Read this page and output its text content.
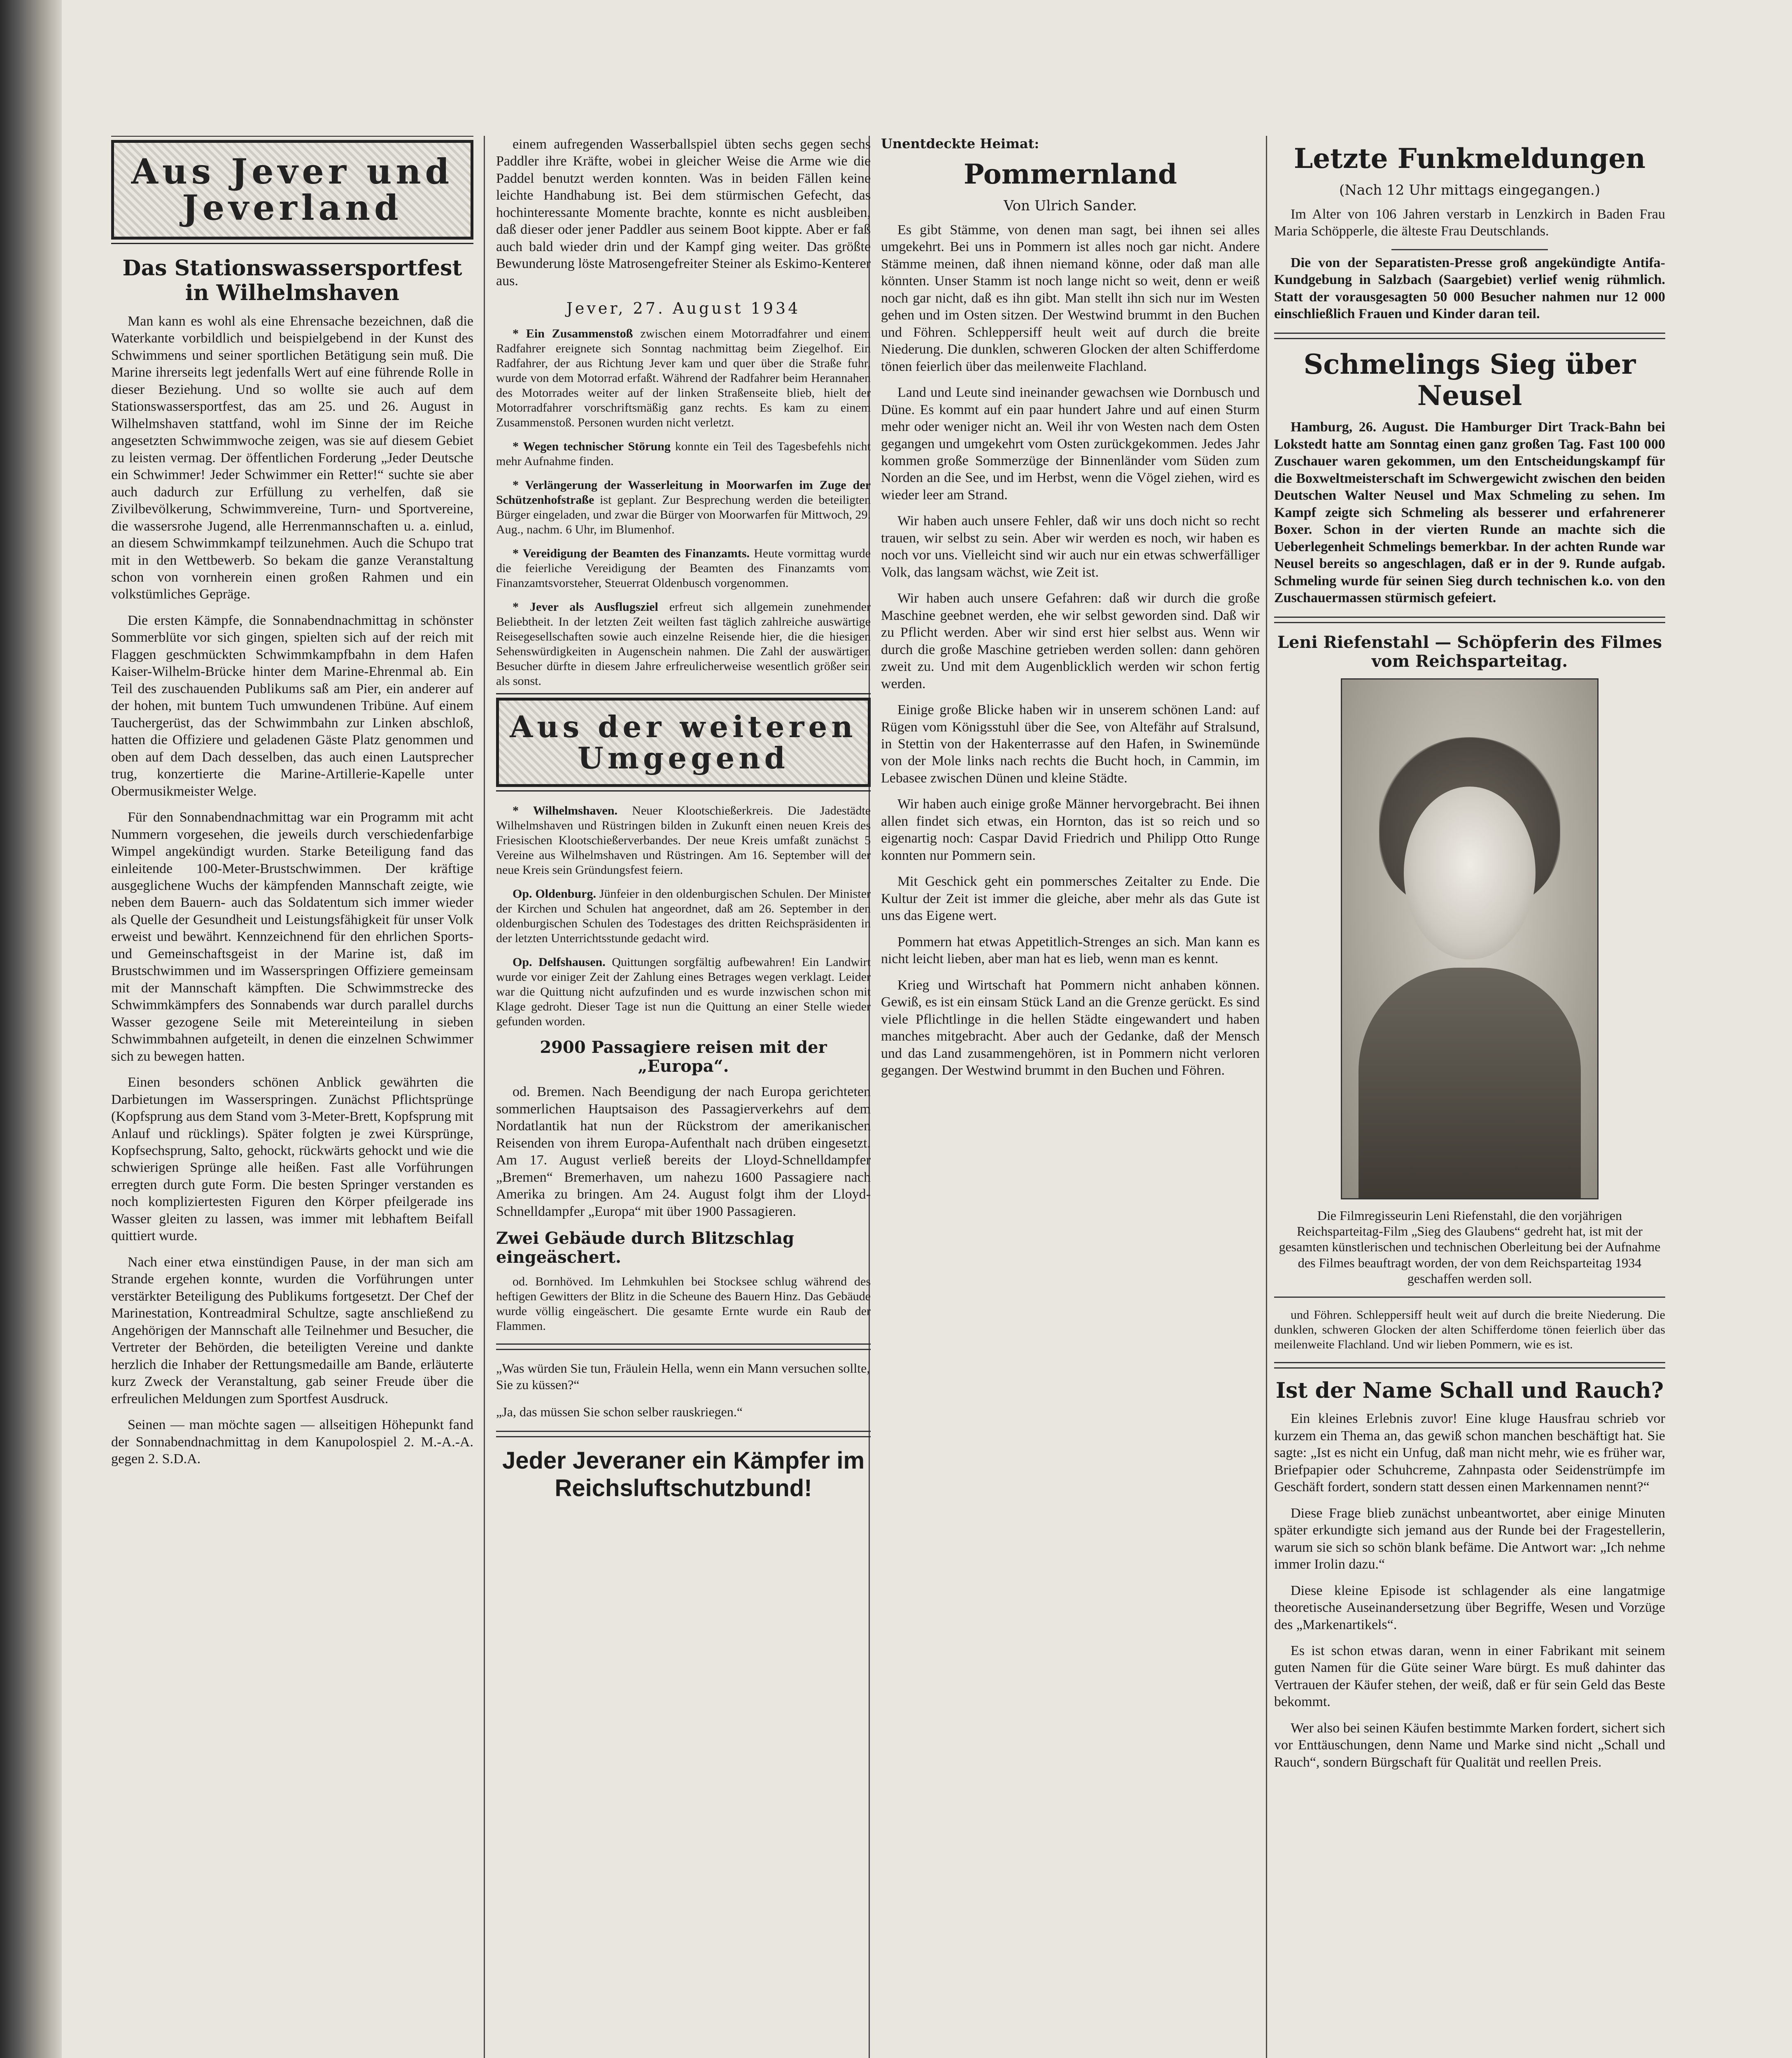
Aus Jever und Jeverland
Das Stationswassersportfest in Wilhelmshaven

Man kann es wohl als eine Ehrensache bezeichnen, daß die Waterkante vorbildlich und beispielgebend in der Kunst des Schwimmens und seiner sportlichen Betätigung sein muß. Die Marine ihrerseits legt jedenfalls Wert auf eine führende Rolle in dieser Beziehung. Und so wollte sie auch auf dem Stationswassersportfest, das am 25. und 26. August in Wilhelmshaven stattfand, wohl im Sinne der im Reiche angesetzten Schwimmwoche zeigen, was sie auf diesem Gebiet zu leisten vermag. Der öffentlichen Forderung „Jeder Deutsche ein Schwimmer! Jeder Schwimmer ein Retter!“ suchte sie aber auch dadurch zur Erfüllung zu verhelfen, daß sie Zivilbevölkerung, Schwimmvereine, Turn- und Sportvereine, die wassersrohe Jugend, alle Herrenmannschaften u. a. einlud, an diesem Schwimmkampf teilzunehmen. Auch die Schupo trat mit in den Wettbewerb. So bekam die ganze Veranstaltung schon von vornherein einen großen Rahmen und ein volkstümliches Gepräge.

Die ersten Kämpfe, die Sonnabendnachmittag in schönster Sommerblüte vor sich gingen, spielten sich auf der reich mit Flaggen geschmückten Schwimmkampfbahn in dem Hafen Kaiser-Wilhelm-Brücke hinter dem Marine-Ehrenmal ab. Ein Teil des zuschauenden Publikums saß am Pier, ein anderer auf der hohen, mit buntem Tuch umwundenen Tribüne. Auf einem Tauchergerüst, das der Schwimmbahn zur Linken abschloß, hatten die Offiziere und geladenen Gäste Platz genommen und oben auf dem Dach desselben, das auch einen Lautsprecher trug, konzertierte die Marine-Artillerie-Kapelle unter Obermusikmeister Welge.

Für den Sonnabendnachmittag war ein Programm mit acht Nummern vorgesehen, die jeweils durch verschiedenfarbige Wimpel angekündigt wurden. Starke Beteiligung fand das einleitende 100-Meter-Brustschwimmen. Der kräftige ausgeglichene Wuchs der kämpfenden Mannschaft zeigte, wie neben dem Bauern- auch das Soldatentum sich immer wieder als Quelle der Gesundheit und Leistungsfähigkeit für unser Volk erweist und bewährt. Kennzeichnend für den ehrlichen Sports- und Gemeinschaftsgeist in der Marine ist, daß im Brustschwimmen und im Wasserspringen Offiziere gemeinsam mit der Mannschaft kämpften. Die Schwimmstrecke des Schwimmkämpfers des Sonnabends war durch parallel durchs Wasser gezogene Seile mit Metereinteilung in sieben Schwimmbahnen aufgeteilt, in denen die einzelnen Schwimmer sich zu bewegen hatten.

Einen besonders schönen Anblick gewährten die Darbietungen im Wasserspringen. Zunächst Pflichtsprünge (Kopfsprung aus dem Stand vom 3-Meter-Brett, Kopfsprung mit Anlauf und rücklings). Später folgten je zwei Kürsprünge, Kopfsechsprung, Salto, gehockt, rückwärts gehockt und wie die schwierigen Sprünge alle heißen. Fast alle Vorführungen erregten durch gute Form. Die besten Springer verstanden es noch kompliziertesten Figuren den Körper pfeilgerade ins Wasser gleiten zu lassen, was immer mit lebhaftem Beifall quittiert wurde.

Nach einer etwa einstündigen Pause, in der man sich am Strande ergehen konnte, wurden die Vorführungen unter verstärkter Beteiligung des Publikums fortgesetzt. Der Chef der Marinestation, Kontreadmiral Schultze, sagte anschließend zu Angehörigen der Mannschaft alle Teilnehmer und Besucher, die Vertreter der Behörden, die beteiligten Vereine und dankte herzlich die Inhaber der Rettungsmedaille am Bande, erläuterte kurz Zweck der Veranstaltung, gab seiner Freude über die erfreulichen Meldungen zum Sportfest Ausdruck.

Seinen — man möchte sagen — allseitigen Höhepunkt fand der Sonnabendnachmittag in dem Kanupolospiel 2. M.-A.-A. gegen 2. S.D.A.

einem aufregenden Wasserballspiel übten sechs gegen sechs Paddler ihre Kräfte, wobei in gleicher Weise die Arme wie die Paddel benutzt werden konnten. Was in beiden Fällen keine leichte Handhabung ist. Bei dem stürmischen Gefecht, das hochinteressante Momente brachte, konnte es nicht ausbleiben, daß dieser oder jener Paddler aus seinem Boot kippte. Aber er faß auch bald wieder drin und der Kampf ging weiter. Das größte Bewunderung löste Matrosengefreiter Steiner als Eskimo-Kenterer aus.

Jever, 27. August 1934

* Ein Zusammenstoß zwischen einem Motorradfahrer und einem Radfahrer ereignete sich Sonntag nachmittag beim Ziegelhof. Ein Radfahrer, der aus Richtung Jever kam und quer über die Straße fuhr, wurde von dem Motorrad erfaßt. Während der Radfahrer beim Herannahen des Motorrades weiter auf der linken Straßenseite blieb, hielt der Motorradfahrer vorschriftsmäßig ganz rechts. Es kam zu einem Zusammenstoß. Personen wurden nicht verletzt.

* Wegen technischer Störung konnte ein Teil des Tagesbefehls nicht mehr Aufnahme finden.

* Verlängerung der Wasserleitung in Moorwarfen im Zuge der Schützenhofstraße ist geplant. Zur Besprechung werden die beteiligten Bürger eingeladen, und zwar die Bürger von Moorwarfen für Mittwoch, 29. Aug., nachm. 6 Uhr, im Blumenhof.

* Vereidigung der Beamten des Finanzamts. Heute vormittag wurde die feierliche Vereidigung der Beamten des Finanzamts vom Finanzamtsvorsteher, Steuerrat Oldenbusch vorgenommen.

* Jever als Ausflugsziel erfreut sich allgemein zunehmender Beliebtheit. In der letzten Zeit weilten fast täglich zahlreiche auswärtige Reisegesellschaften sowie auch einzelne Reisende hier, die die hiesigen Sehenswürdigkeiten in Augenschein nahmen. Die Zahl der auswärtigen Besucher dürfte in diesem Jahre erfreulicherweise wesentlich größer sein als sonst.

Aus der weiteren Umgegend

* Wilhelmshaven. Neuer Klootschießerkreis. Die Jadestädte Wilhelmshaven und Rüstringen bilden in Zukunft einen neuen Kreis des Friesischen Klootschießerverbandes. Der neue Kreis umfaßt zunächst 5 Vereine aus Wilhelmshaven und Rüstringen. Am 16. September will der neue Kreis sein Gründungsfest feiern.

Op. Oldenburg. Jünfeier in den oldenburgischen Schulen. Der Minister der Kirchen und Schulen hat angeordnet, daß am 26. September in den oldenburgischen Schulen des Todestages des dritten Reichspräsidenten in der letzten Unterrichtsstunde gedacht wird.

Op. Delfshausen. Quittungen sorgfältig aufbewahren! Ein Landwirt wurde vor einiger Zeit der Zahlung eines Betrages wegen verklagt. Leider war die Quittung nicht aufzufinden und es wurde inzwischen schon mit Klage gedroht. Dieser Tage ist nun die Quittung an einer Stelle wieder gefunden worden.

2900 Passagiere reisen mit der „Europa“.

od. Bremen. Nach Beendigung der nach Europa gerichteten sommerlichen Hauptsaison des Passagierverkehrs auf dem Nordatlantik hat nun der Rückstrom der amerikanischen Reisenden von ihrem Europa-Aufenthalt nach drüben eingesetzt. Am 17. August verließ bereits der Lloyd-Schnelldampfer „Bremen“ Bremerhaven, um nahezu 1600 Passagiere nach Amerika zu bringen. Am 24. August folgt ihm der Lloyd-Schnelldampfer „Europa“ mit über 1900 Passagieren.

Zwei Gebäude durch Blitzschlag eingeäschert.

od. Bornhöved. Im Lehmkuhlen bei Stocksee schlug während des heftigen Gewitters der Blitz in die Scheune des Bauern Hinz. Das Gebäude wurde völlig eingeäschert. Die gesamte Ernte wurde ein Raub der Flammen.

„Was würden Sie tun, Fräulein Hella, wenn ein Mann versuchen sollte, Sie zu küssen?“

„Ja, das müssen Sie schon selber rauskriegen.“

Jeder Jeveraner ein Kämpfer im Reichsluftschutzbund!
Unentdeckte Heimat:
Pommernland
Von Ulrich Sander.

Es gibt Stämme, von denen man sagt, bei ihnen sei alles umgekehrt. Bei uns in Pommern ist alles noch gar nicht. Andere Stämme meinen, daß ihnen niemand könne, oder daß man alle könnten. Unser Stamm ist noch lange nicht so weit, denn er weiß noch gar nicht, daß es ihn gibt. Man stellt ihn sich nur im Westen gehen und im Osten sitzen. Der Westwind brummt in den Buchen und Föhren. Schleppersiff heult weit auf durch die breite Niederung. Die dunklen, schweren Glocken der alten Schifferdome tönen feierlich über das meilenweite Flachland.

Land und Leute sind ineinander gewachsen wie Dornbusch und Düne. Es kommt auf ein paar hundert Jahre und auf einen Sturm mehr oder weniger nicht an. Weil ihr von Westen nach dem Osten gegangen und umgekehrt vom Osten zurückgekommen. Jedes Jahr kommen große Sommerzüge der Binnenländer vom Süden zum Norden an die See, und im Herbst, wenn die Vögel ziehen, wird es wieder leer am Strand.

Wir haben auch unsere Fehler, daß wir uns doch nicht so recht trauen, wir selbst zu sein. Aber wir werden es noch, wir haben es noch vor uns. Vielleicht sind wir auch nur ein etwas schwerfälliger Volk, das langsam wächst, wie Zeit ist.

Wir haben auch unsere Gefahren: daß wir durch die große Maschine geebnet werden, ehe wir selbst geworden sind. Daß wir zu Pflicht werden. Aber wir sind erst hier selbst aus. Wenn wir durch die große Maschine getrieben werden sollen: dann gehören zweit zu. Und mit dem Augenblicklich werden wir schon fertig werden.

Einige große Blicke haben wir in unserem schönen Land: auf Rügen vom Königsstuhl über die See, von Altefähr auf Stralsund, in Stettin von der Hakenterrasse auf den Hafen, in Swinemünde von der Mole links nach rechts die Bucht hoch, in Cammin, im Lebasee zwischen Dünen und kleine Städte.

Wir haben auch einige große Männer hervorgebracht. Bei ihnen allen findet sich etwas, ein Hornton, das ist so reich und so eigenartig noch: Caspar David Friedrich und Philipp Otto Runge konnten nur Pommern sein.

Mit Geschick geht ein pommersches Zeitalter zu Ende. Die Kultur der Zeit ist immer die gleiche, aber mehr als das Gute ist uns das Eigene wert.

Pommern hat etwas Appetitlich-Strenges an sich. Man kann es nicht leicht lieben, aber man hat es lieb, wenn man es kennt.

Krieg und Wirtschaft hat Pommern nicht anhaben können. Gewiß, es ist ein einsam Stück Land an die Grenze gerückt. Es sind viele Pflichtlinge in die hellen Städte eingewandert und haben manches mitgebracht. Aber auch der Gedanke, daß der Mensch und das Land zusammengehören, ist in Pommern nicht verloren gegangen. Der Westwind brummt in den Buchen und Föhren.

Letzte Funkmeldungen
(Nach 12 Uhr mittags eingegangen.)

Im Alter von 106 Jahren verstarb in Lenzkirch in Baden Frau Maria Schöpperle, die älteste Frau Deutschlands.

Die von der Separatisten-Presse groß angekündigte Antifa-Kundgebung in Salzbach (Saargebiet) verlief wenig rühmlich. Statt der vorausgesagten 50 000 Besucher nahmen nur 12 000 einschließlich Frauen und Kinder daran teil.

Schmelings Sieg über Neusel

Hamburg, 26. August. Die Hamburger Dirt Track-Bahn bei Lokstedt hatte am Sonntag einen ganz großen Tag. Fast 100 000 Zuschauer waren gekommen, um den Entscheidungskampf für die Boxweltmeisterschaft im Schwergewicht zwischen den beiden Deutschen Walter Neusel und Max Schmeling zu sehen. Im Kampf zeigte sich Schmeling als besserer und erfahrenerer Boxer. Schon in der vierten Runde an machte sich die Ueberlegenheit Schmelings bemerkbar. In der achten Runde war Neusel bereits so angeschlagen, daß er in der 9. Runde aufgab. Schmeling wurde für seinen Sieg durch technischen k.o. von den Zuschauermassen stürmisch gefeiert.

Leni Riefenstahl — Schöpferin des Filmes vom Reichsparteitag.

Die Filmregisseurin Leni Riefenstahl, die den vorjährigen Reichsparteitag-Film „Sieg des Glaubens“ gedreht hat, ist mit der gesamten künstlerischen und technischen Oberleitung bei der Aufnahme des Filmes beauftragt worden, der von dem Reichsparteitag 1934 geschaffen werden soll.

und Föhren. Schleppersiff heult weit auf durch die breite Niederung. Die dunklen, schweren Glocken der alten Schifferdome tönen feierlich über das meilenweite Flachland. Und wir lieben Pommern, wie es ist.

Ist der Name Schall und Rauch?

Ein kleines Erlebnis zuvor! Eine kluge Hausfrau schrieb vor kurzem ein Thema an, das gewiß schon manchen beschäftigt hat. Sie sagte: „Ist es nicht ein Unfug, daß man nicht mehr, wie es früher war, Briefpapier oder Schuhcreme, Zahnpasta oder Seidenstrümpfe im Geschäft fordert, sondern statt dessen einen Markennamen nennt?“

Diese Frage blieb zunächst unbeantwortet, aber einige Minuten später erkundigte sich jemand aus der Runde bei der Fragestellerin, warum sie sich so schön blank befäme. Die Antwort war: „Ich nehme immer Irolin dazu.“

Diese kleine Episode ist schlagender als eine langatmige theoretische Auseinandersetzung über Begriffe, Wesen und Vorzüge des „Markenartikels“.

Es ist schon etwas daran, wenn in einer Fabrikant mit seinem guten Namen für die Güte seiner Ware bürgt. Es muß dahinter das Vertrauen der Käufer stehen, der weiß, daß er für sein Geld das Beste bekommt.

Wer also bei seinen Käufen bestimmte Marken fordert, sichert sich vor Enttäuschungen, denn Name und Marke sind nicht „Schall und Rauch“, sondern Bürgschaft für Qualität und reellen Preis.
